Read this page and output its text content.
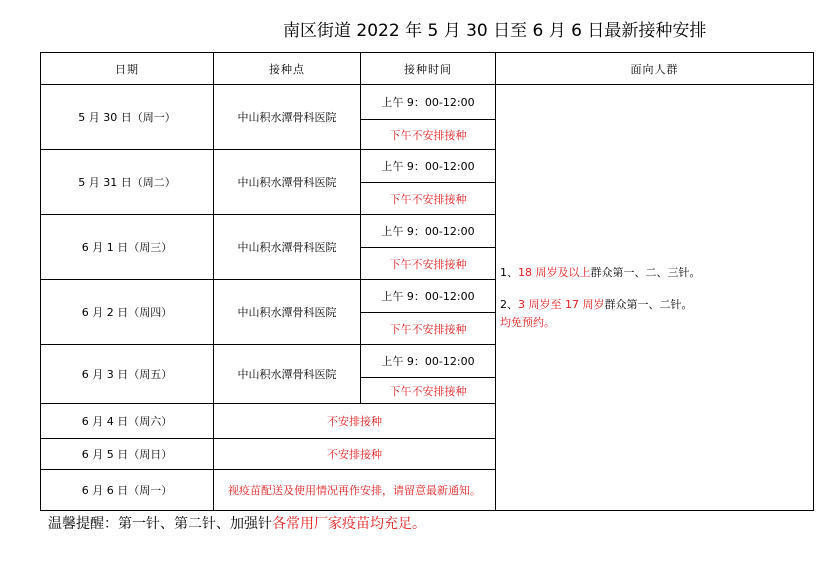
南区街道 2022 年 5 月 30 日至 6 月 6 日最新接种安排
日期	接种点	接种时间	面向人群
5 月 30 日（周一）	中山积水潭骨科医院	上午 9：00-12:00	1、18 周岁及以上群众第一、二、三针。
2、3 周岁至 17 周岁群众第一、二针。
均免预约。

		下午不安排接种	
5 月 31 日（周二）	中山积水潭骨科医院	上午 9：00-12:00	
		下午不安排接种	
6 月 1 日（周三）	中山积水潭骨科医院	上午 9：00-12:00	
		下午不安排接种	
6 月 2 日（周四）	中山积水潭骨科医院	上午 9：00-12:00	
		下午不安排接种	
6 月 3 日（周五）	中山积水潭骨科医院	上午 9：00-12:00	
		下午不安排接种	
6 月 4 日（周六）	不安排接种		
6 月 5 日（周日）	不安排接种		
6 月 6 日（周一）	视疫苗配送及使用情况再作安排，请留意最新通知。		
温馨提醒：第一针、第二针、加强针各常用厂家疫苗均充足。
